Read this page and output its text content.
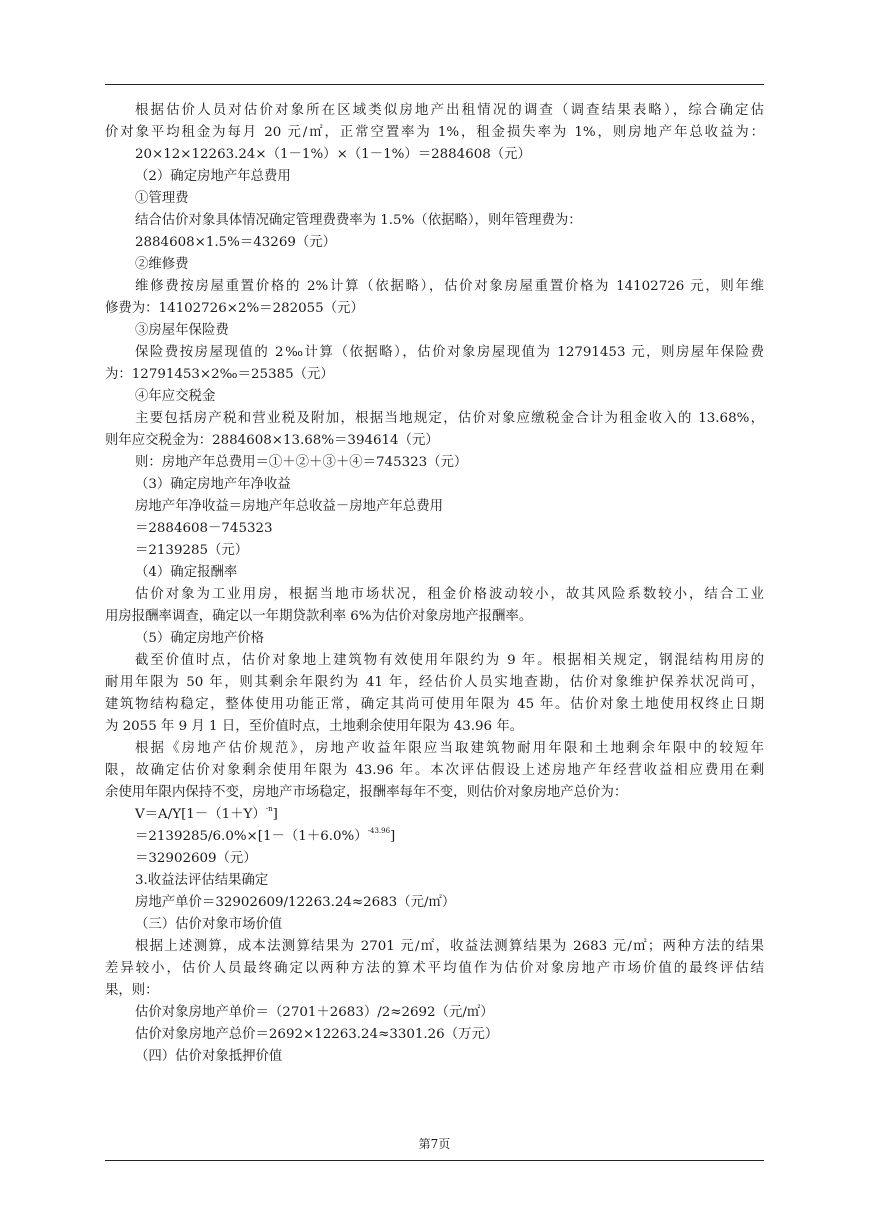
根据估价人员对估价对象所在区域类似房地产出租情况的调查（调查结果表略），综合确定估
价对象平均租金为每月 20 元/㎡，正常空置率为 1%，租金损失率为 1%，则房地产年总收益为：
20×12×12263.24×（1－1%）×（1－1%）＝2884608（元）
（2）确定房地产年总费用
①管理费
结合估价对象具体情况确定管理费费率为 1.5%（依据略），则年管理费为：
2884608×1.5%＝43269（元）
②维修费
维修费按房屋重置价格的 2%计算（依据略），估价对象房屋重置价格为 14102726 元，则年维
修费为：14102726×2%＝282055（元）
③房屋年保险费
保险费按房屋现值的 2‰计算（依据略），估价对象房屋现值为 12791453 元，则房屋年保险费
为：12791453×2‰＝25385（元）
④年应交税金
主要包括房产税和营业税及附加，根据当地规定，估价对象应缴税金合计为租金收入的 13.68%，
则年应交税金为：2884608×13.68%＝394614（元）
则：房地产年总费用＝①＋②＋③＋④＝745323（元）
（3）确定房地产年净收益
房地产年净收益＝房地产年总收益－房地产年总费用
＝2884608－745323
＝2139285（元）
（4）确定报酬率
估价对象为工业用房，根据当地市场状况，租金价格波动较小，故其风险系数较小，结合工业
用房报酬率调查，确定以一年期贷款利率 6%为估价对象房地产报酬率。
（5）确定房地产价格
截至价值时点，估价对象地上建筑物有效使用年限约为 9 年。根据相关规定，钢混结构用房的
耐用年限为 50 年，则其剩余年限约为 41 年，经估价人员实地查勘，估价对象维护保养状况尚可，
建筑物结构稳定，整体使用功能正常，确定其尚可使用年限为 45 年。估价对象土地使用权终止日期
为 2055 年 9 月 1 日，至价值时点，土地剩余使用年限为 43.96 年。
根据《房地产估价规范》，房地产收益年限应当取建筑物耐用年限和土地剩余年限中的较短年
限，故确定估价对象剩余使用年限为 43.96 年。本次评估假设上述房地产年经营收益相应费用在剩
余使用年限内保持不变，房地产市场稳定，报酬率每年不变，则估价对象房地产总价为：
$V=A/Y[1-(1+Y)^{-n}]$
$=2139285/6.0\%\times[1-(1+6.0\%)^{-43.96}]$
＝32902609（元）
3.收益法评估结果确定
房地产单价＝32902609/12263.24≈2683（元/㎡）
（三）估价对象市场价值
根据上述测算，成本法测算结果为 2701 元/㎡，收益法测算结果为 2683 元/㎡；两种方法的结果
差异较小，估价人员最终确定以两种方法的算术平均值作为估价对象房地产市场价值的最终评估结
果，则：
估价对象房地产单价＝（2701＋2683）/2≈2692（元/㎡）
估价对象房地产总价＝2692×12263.24≈3301.26（万元）
（四）估价对象抵押价值
第7页
